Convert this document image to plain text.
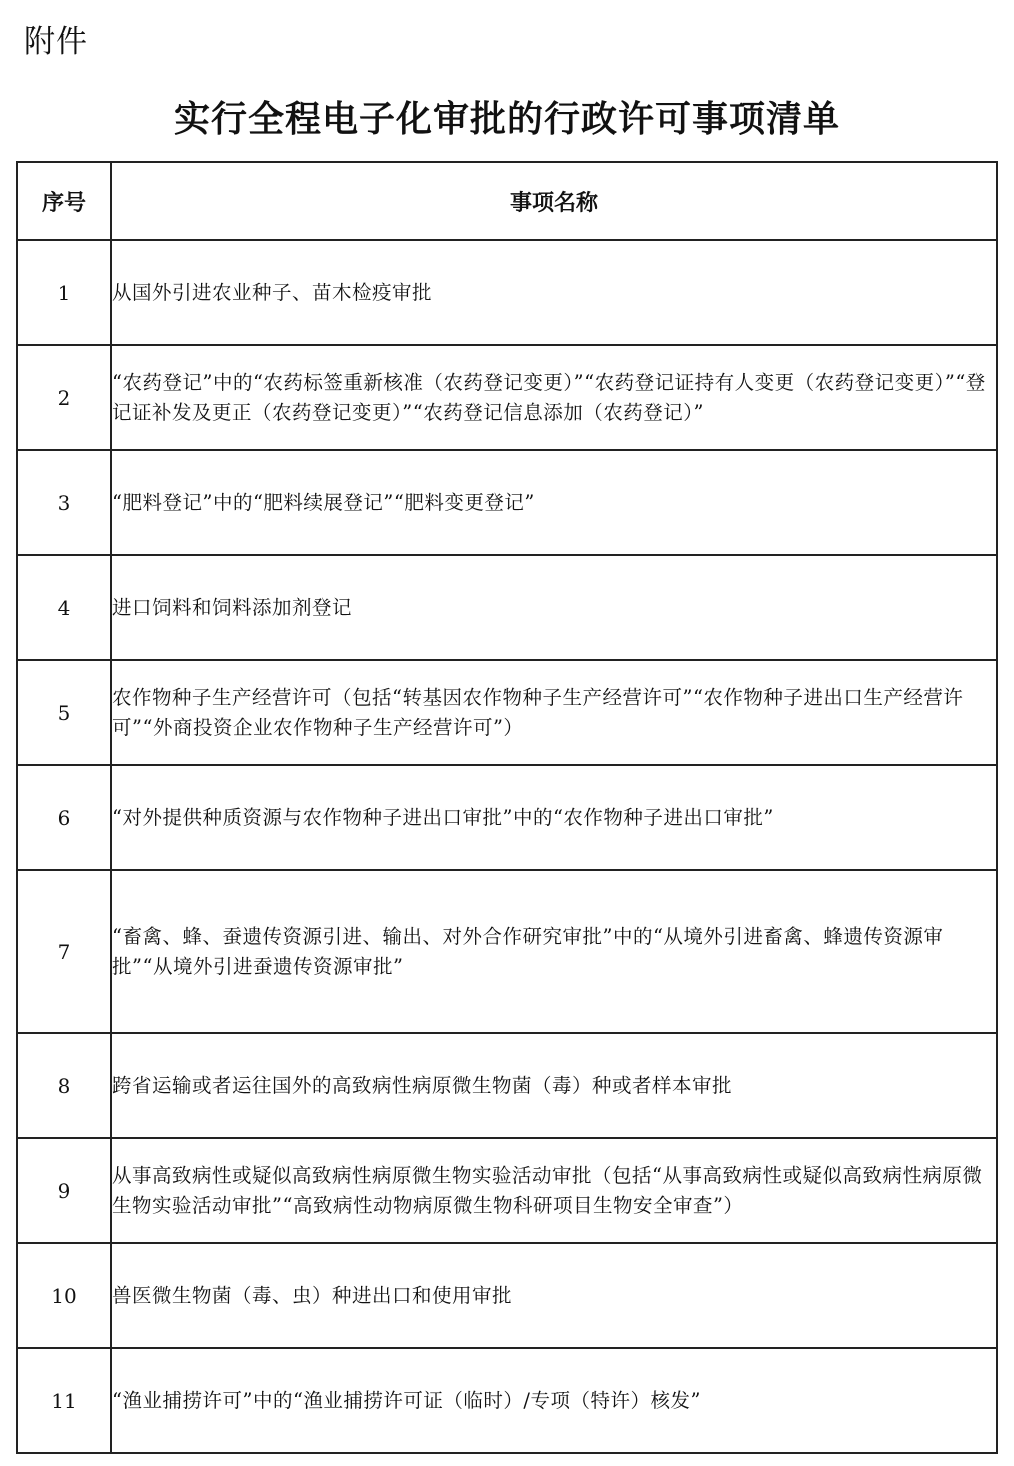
附件
实行全程电子化审批的行政许可事项清单
序号	事项名称
1	从国外引进农业种子、苗木检疫审批
2	“农药登记”中的“农药标签重新核准（农药登记变更）”“农药登记证持有人变更（农药登记变更）”“登记证补发及更正（农药登记变更）”“农药登记信息添加（农药登记）”
3	“肥料登记”中的“肥料续展登记”“肥料变更登记”
4	进口饲料和饲料添加剂登记
5	农作物种子生产经营许可（包括“转基因农作物种子生产经营许可”“农作物种子进出口生产经营许可”“外商投资企业农作物种子生产经营许可”）
6	“对外提供种质资源与农作物种子进出口审批”中的“农作物种子进出口审批”
7	“畜禽、蜂、蚕遗传资源引进、输出、对外合作研究审批”中的“从境外引进畜禽、蜂遗传资源审批”“从境外引进蚕遗传资源审批”
8	跨省运输或者运往国外的高致病性病原微生物菌（毒）种或者样本审批
9	从事高致病性或疑似高致病性病原微生物实验活动审批（包括“从事高致病性或疑似高致病性病原微生物实验活动审批”“高致病性动物病原微生物科研项目生物安全审查”）
10	兽医微生物菌（毒、虫）种进出口和使用审批
11	“渔业捕捞许可”中的“渔业捕捞许可证（临时）/专项（特许）核发”
